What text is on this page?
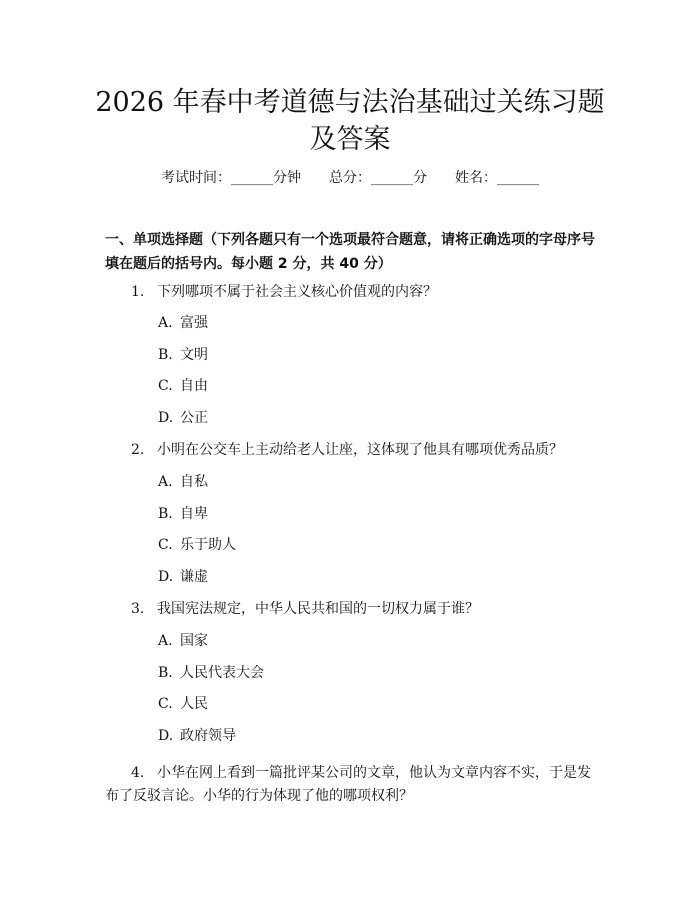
2026 年春中考道德与法治基础过关练习题及答案
考试时间：______分钟 总分：______分 姓名：______

一、单项选择题（下列各题只有一个选项最符合题意，请将正确选项的字母序号填在题后的括号内。每小题 2 分，共 40 分）

1. 下列哪项不属于社会主义核心价值观的内容？
A. 富强
B. 文明
C. 自由
D. 公正
2. 小明在公交车上主动给老人让座，这体现了他具有哪项优秀品质？
A. 自私
B. 自卑
C. 乐于助人
D. 谦虚
3. 我国宪法规定，中华人民共和国的一切权力属于谁？
A. 国家
B. 人民代表大会
C. 人民
D. 政府领导
4. 小华在网上看到一篇批评某公司的文章，他认为文章内容不实，于是发布了反驳言论。小华的行为体现了他的哪项权利？
